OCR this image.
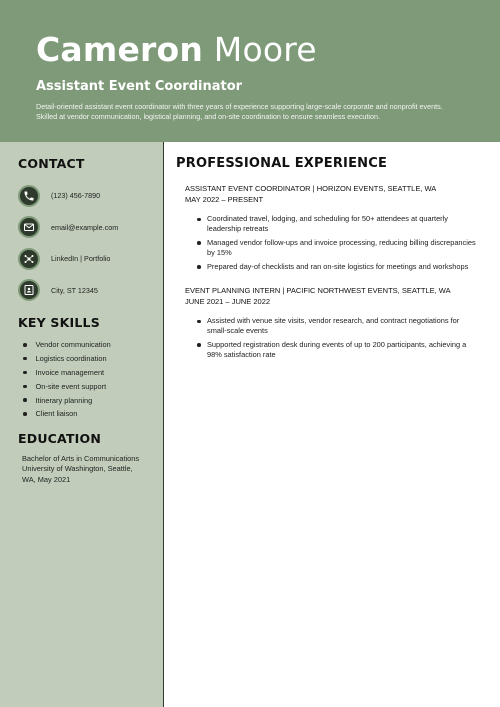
Cameron Moore
Assistant Event Coordinator
Detail-oriented assistant event coordinator with three years of experience supporting large-scale corporate and nonprofit events. Skilled at vendor communication, logistical planning, and on-site coordination to ensure seamless execution.
CONTACT
(123) 456-7890
email@example.com
LinkedIn | Portfolio
City, ST 12345
KEY SKILLS
Vendor communication
Logistics coordination
Invoice management
On-site event support
Itinerary planning
Client liaison
EDUCATION
Bachelor of Arts in Communications University of Washington, Seattle, WA, May 2021
PROFESSIONAL EXPERIENCE
ASSISTANT EVENT COORDINATOR | HORIZON EVENTS, SEATTLE, WA
MAY 2022 – PRESENT
Coordinated travel, lodging, and scheduling for 50+ attendees at quarterly leadership retreats
Managed vendor follow-ups and invoice processing, reducing billing discrepancies by 15%
Prepared day-of checklists and ran on-site logistics for meetings and workshops
EVENT PLANNING INTERN | PACIFIC NORTHWEST EVENTS, SEATTLE, WA
JUNE 2021 – JUNE 2022
Assisted with venue site visits, vendor research, and contract negotiations for small-scale events
Supported registration desk during events of up to 200 participants, achieving a 98% satisfaction rate
